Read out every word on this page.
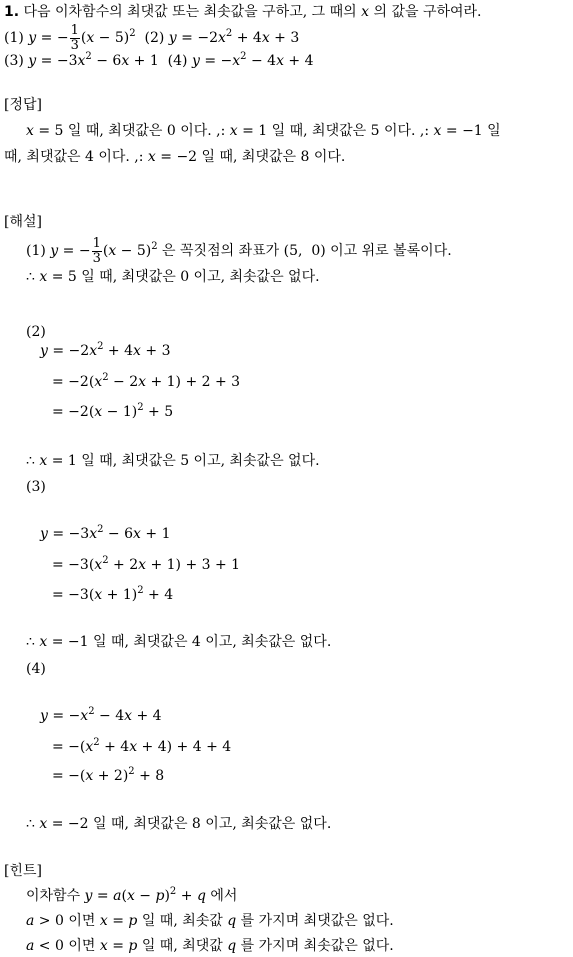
1. 다음 이차함수의 최댓값 또는 최솟값을 구하고, 그 때의 x 의 값을 구하여라.
(1) y = − $\frac{1}{3} (x - 5)^2$  (2) $y = -2x^2 + 4x + 3$
(3) $y = -3x^2 - 6x + 1$  (4) $y = -x^2 - 4x + 4$
[정답]
x = 5 일 때, 최댓값은 0 이다. ,: x = 1 일 때, 최댓값은 5 이다. ,: x = −1 일
때, 최댓값은 4 이다. ,: x = −2 일 때, 최댓값은 8 이다.
[해설]
(1) y = − $\frac{1}{3} (x - 5)^2$ 은 꼭짓점의 좌표가 (5,  0) 이고 위로 볼록이다.
∴ x = 5 일 때, 최댓값은 0 이고, 최솟값은 없다.
(2)
$y = -2x^2 + 4x + 3$
= $-2(x^2 - 2x + 1) + 2 + 3$
= $-2(x - 1)^2 + 5$
∴ x = 1 일 때, 최댓값은 5 이고, 최솟값은 없다.
(3)
$y = -3x^2 - 6x + 1$
= $-3(x^2 + 2x + 1) + 3 + 1$
= $-3(x + 1)^2 + 4$
∴ x = −1 일 때, 최댓값은 4 이고, 최솟값은 없다.
(4)
$y = -x^2 - 4x + 4$
= $-(x^2 + 4x + 4) + 4 + 4$
= $-(x + 2)^2 + 8$
∴ x = −2 일 때, 최댓값은 8 이고, 최솟값은 없다.
[힌트]
이차함수 $y = a(x - p)^2 + q$ 에서
a > 0 이면 x = p 일 때, 최솟값 q 를 가지며 최댓값은 없다.
a < 0 이면 x = p 일 때, 최댓값 q 를 가지며 최솟값은 없다.
